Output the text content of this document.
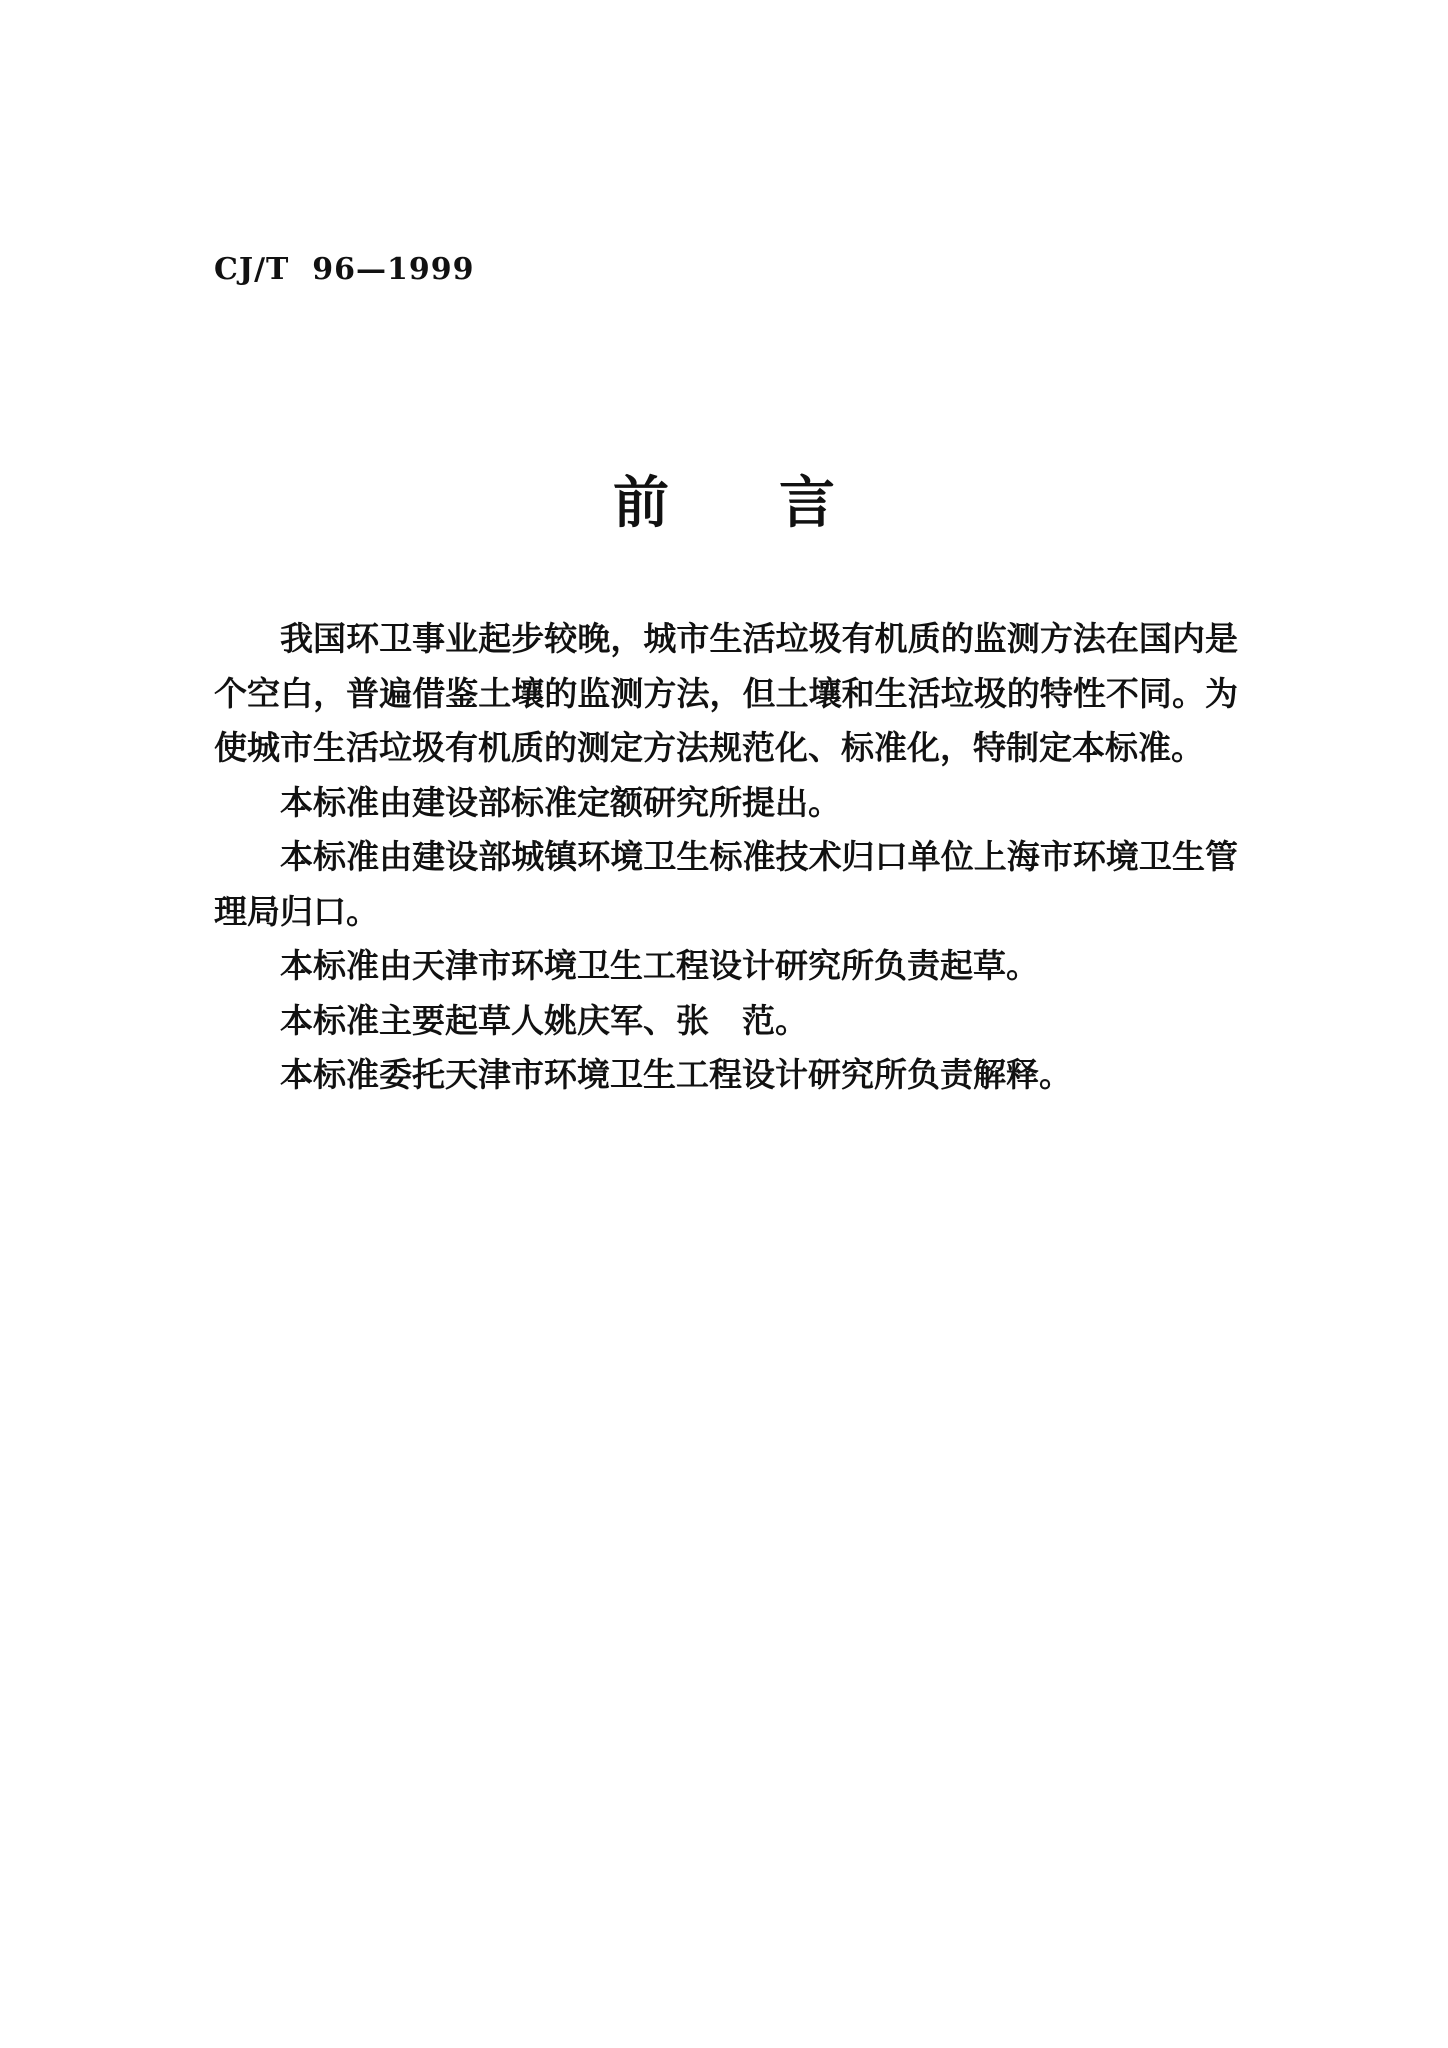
CJ/T  96—1999
前言

我国环卫事业起步较晚，城市生活垃圾有机质的监测方法在国内是个空白，普遍借鉴土壤的监测方法，但土壤和生活垃圾的特性不同。为使城市生活垃圾有机质的测定方法规范化、标准化，特制定本标准。

本标准由建设部标准定额研究所提出。

本标准由建设部城镇环境卫生标准技术归口单位上海市环境卫生管理局归口。

本标准由天津市环境卫生工程设计研究所负责起草。

本标准主要起草人姚庆军、张　范。

本标准委托天津市环境卫生工程设计研究所负责解释。
